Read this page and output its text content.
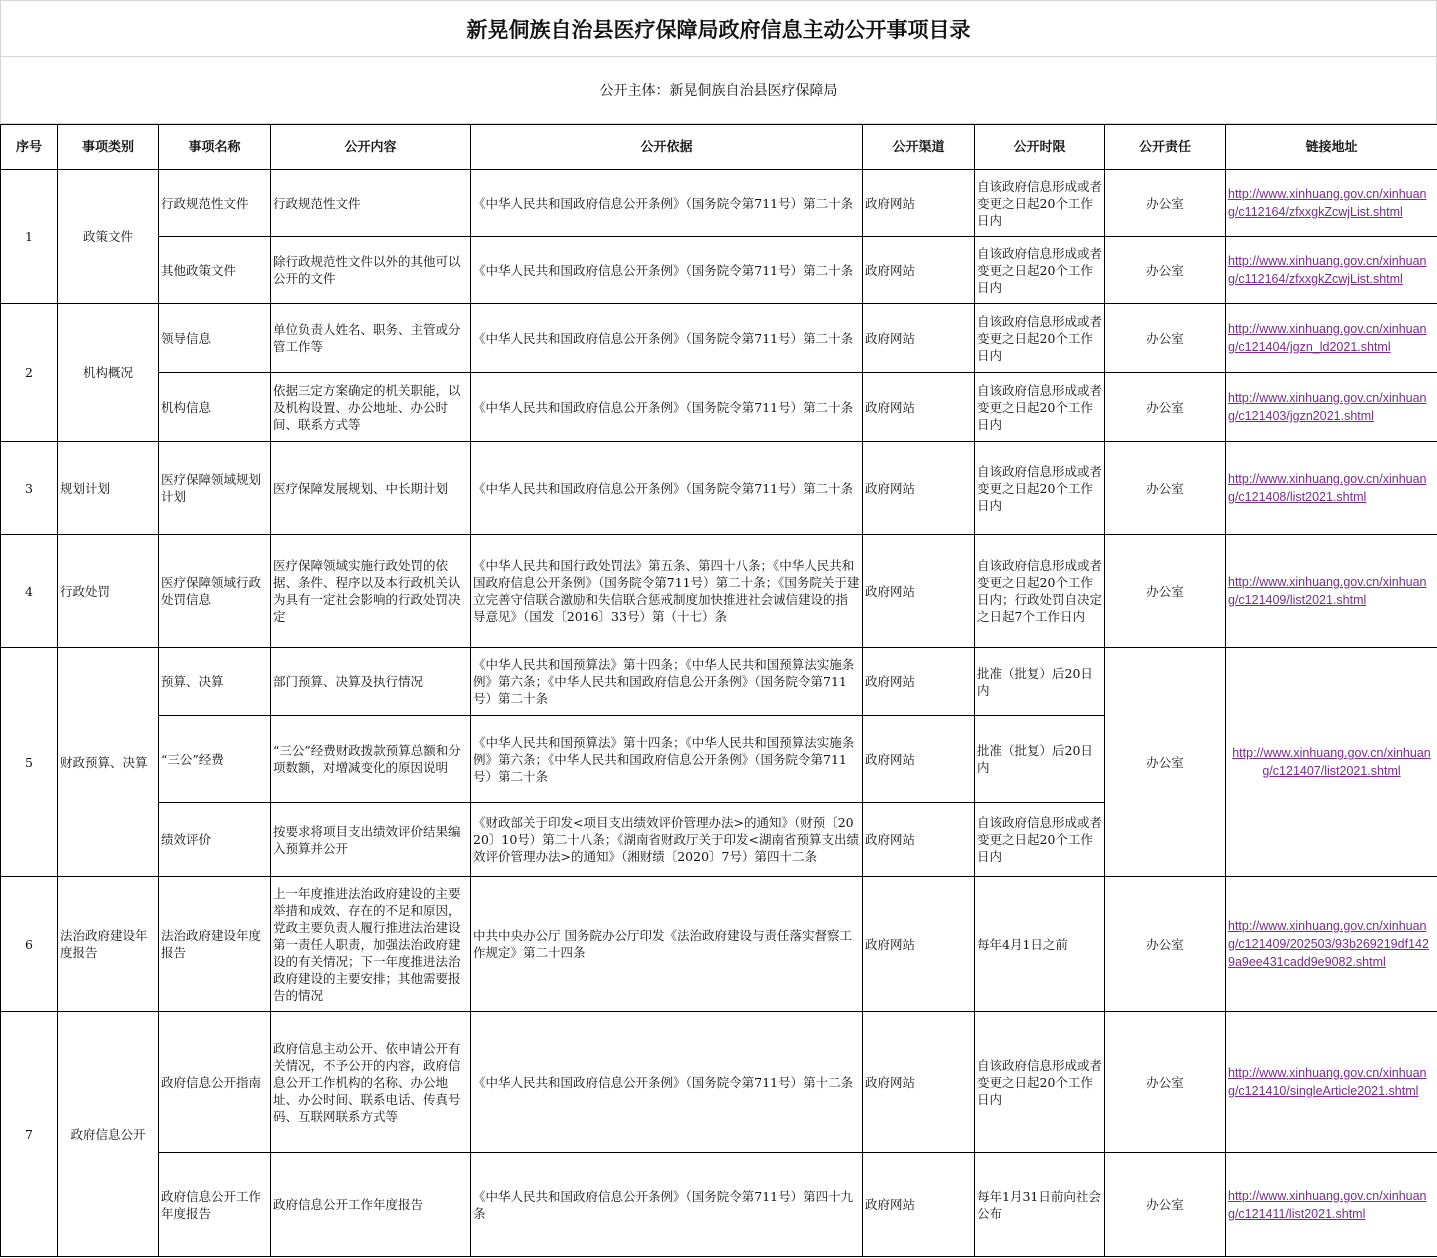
新晃侗族自治县医疗保障局政府信息主动公开事项目录
公开主体：新晃侗族自治县医疗保障局
序号	事项类别	事项名称	公开内容	公开依据	公开渠道	公开时限	公开责任	链接地址
1	政策文件	行政规范性文件	行政规范性文件	《中华人民共和国政府信息公开条例》（国务院令第711号）第二十条	政府网站	自该政府信息形成或者变更之日起20个工作日内	办公室	http://www.xinhuang.gov.cn/xinhuang/c112164/zfxxgkZcwjList.shtml
		其他政策文件	除行政规范性文件以外的其他可以公开的文件	《中华人民共和国政府信息公开条例》（国务院令第711号）第二十条	政府网站	自该政府信息形成或者变更之日起20个工作日内	办公室	http://www.xinhuang.gov.cn/xinhuang/c112164/zfxxgkZcwjList.shtml
2	机构概况	领导信息	单位负责人姓名、职务、主管或分管工作等	《中华人民共和国政府信息公开条例》（国务院令第711号）第二十条	政府网站	自该政府信息形成或者变更之日起20个工作日内	办公室	http://www.xinhuang.gov.cn/xinhuang/c121404/jgzn_ld2021.shtml
		机构信息	依据三定方案确定的机关职能，以及机构设置、办公地址、办公时间、联系方式等	《中华人民共和国政府信息公开条例》（国务院令第711号）第二十条	政府网站	自该政府信息形成或者变更之日起20个工作日内	办公室	http://www.xinhuang.gov.cn/xinhuang/c121403/jgzn2021.shtml
3	规划计划	医疗保障领域规划计划	医疗保障发展规划、中长期计划	《中华人民共和国政府信息公开条例》（国务院令第711号）第二十条	政府网站	自该政府信息形成或者变更之日起20个工作日内	办公室	http://www.xinhuang.gov.cn/xinhuang/c121408/list2021.shtml
4	行政处罚	医疗保障领域行政处罚信息	医疗保障领域实施行政处罚的依据、条件、程序以及本行政机关认为具有一定社会影响的行政处罚决定	《中华人民共和国行政处罚法》第五条、第四十八条；《中华人民共和国政府信息公开条例》（国务院令第711号）第二十条；《国务院关于建立完善守信联合激励和失信联合惩戒制度加快推进社会诚信建设的指导意见》（国发〔2016〕33号）第（十七）条	政府网站	自该政府信息形成或者变更之日起20个工作日内；行政处罚自决定之日起7个工作日内	办公室	http://www.xinhuang.gov.cn/xinhuang/c121409/list2021.shtml
5	财政预算、决算	预算、决算	部门预算、决算及执行情况	《中华人民共和国预算法》第十四条；《中华人民共和国预算法实施条例》第六条；《中华人民共和国政府信息公开条例》（国务院令第711号）第二十条	政府网站	批准（批复）后20日内	办公室	http://www.xinhuang.gov.cn/xinhuang/c121407/list2021.shtml
		“三公”经费	“三公”经费财政拨款预算总额和分项数额，对增减变化的原因说明	《中华人民共和国预算法》第十四条；《中华人民共和国预算法实施条例》第六条；《中华人民共和国政府信息公开条例》（国务院令第711号）第二十条	政府网站	批准（批复）后20日内		
		绩效评价	按要求将项目支出绩效评价结果编入预算并公开	《财政部关于印发<项目支出绩效评价管理办法>的通知》（财预〔2020〕10号）第二十八条；《湖南省财政厅关于印发<湖南省预算支出绩效评价管理办法>的通知》（湘财绩〔2020〕7号）第四十二条	政府网站	自该政府信息形成或者变更之日起20个工作日内		
6	法治政府建设年度报告	法治政府建设年度报告	上一年度推进法治政府建设的主要举措和成效、存在的不足和原因，党政主要负责人履行推进法治建设第一责任人职责，加强法治政府建设的有关情况；下一年度推进法治政府建设的主要安排；其他需要报告的情况	中共中央办公厅 国务院办公厅印发《法治政府建设与责任落实督察工作规定》第二十四条	政府网站	每年4月1日之前	办公室	http://www.xinhuang.gov.cn/xinhuang/c121409/202503/93b269219df1429a9ee431cadd9e9082.shtml
7	政府信息公开	政府信息公开指南	政府信息主动公开、依申请公开有关情况，不予公开的内容，政府信息公开工作机构的名称、办公地址、办公时间、联系电话、传真号码、互联网联系方式等	《中华人民共和国政府信息公开条例》（国务院令第711号）第十二条	政府网站	自该政府信息形成或者变更之日起20个工作日内	办公室	http://www.xinhuang.gov.cn/xinhuang/c121410/singleArticle2021.shtml
		政府信息公开工作年度报告	政府信息公开工作年度报告	《中华人民共和国政府信息公开条例》（国务院令第711号）第四十九条	政府网站	每年1月31日前向社会公布	办公室	http://www.xinhuang.gov.cn/xinhuang/c121411/list2021.shtml
